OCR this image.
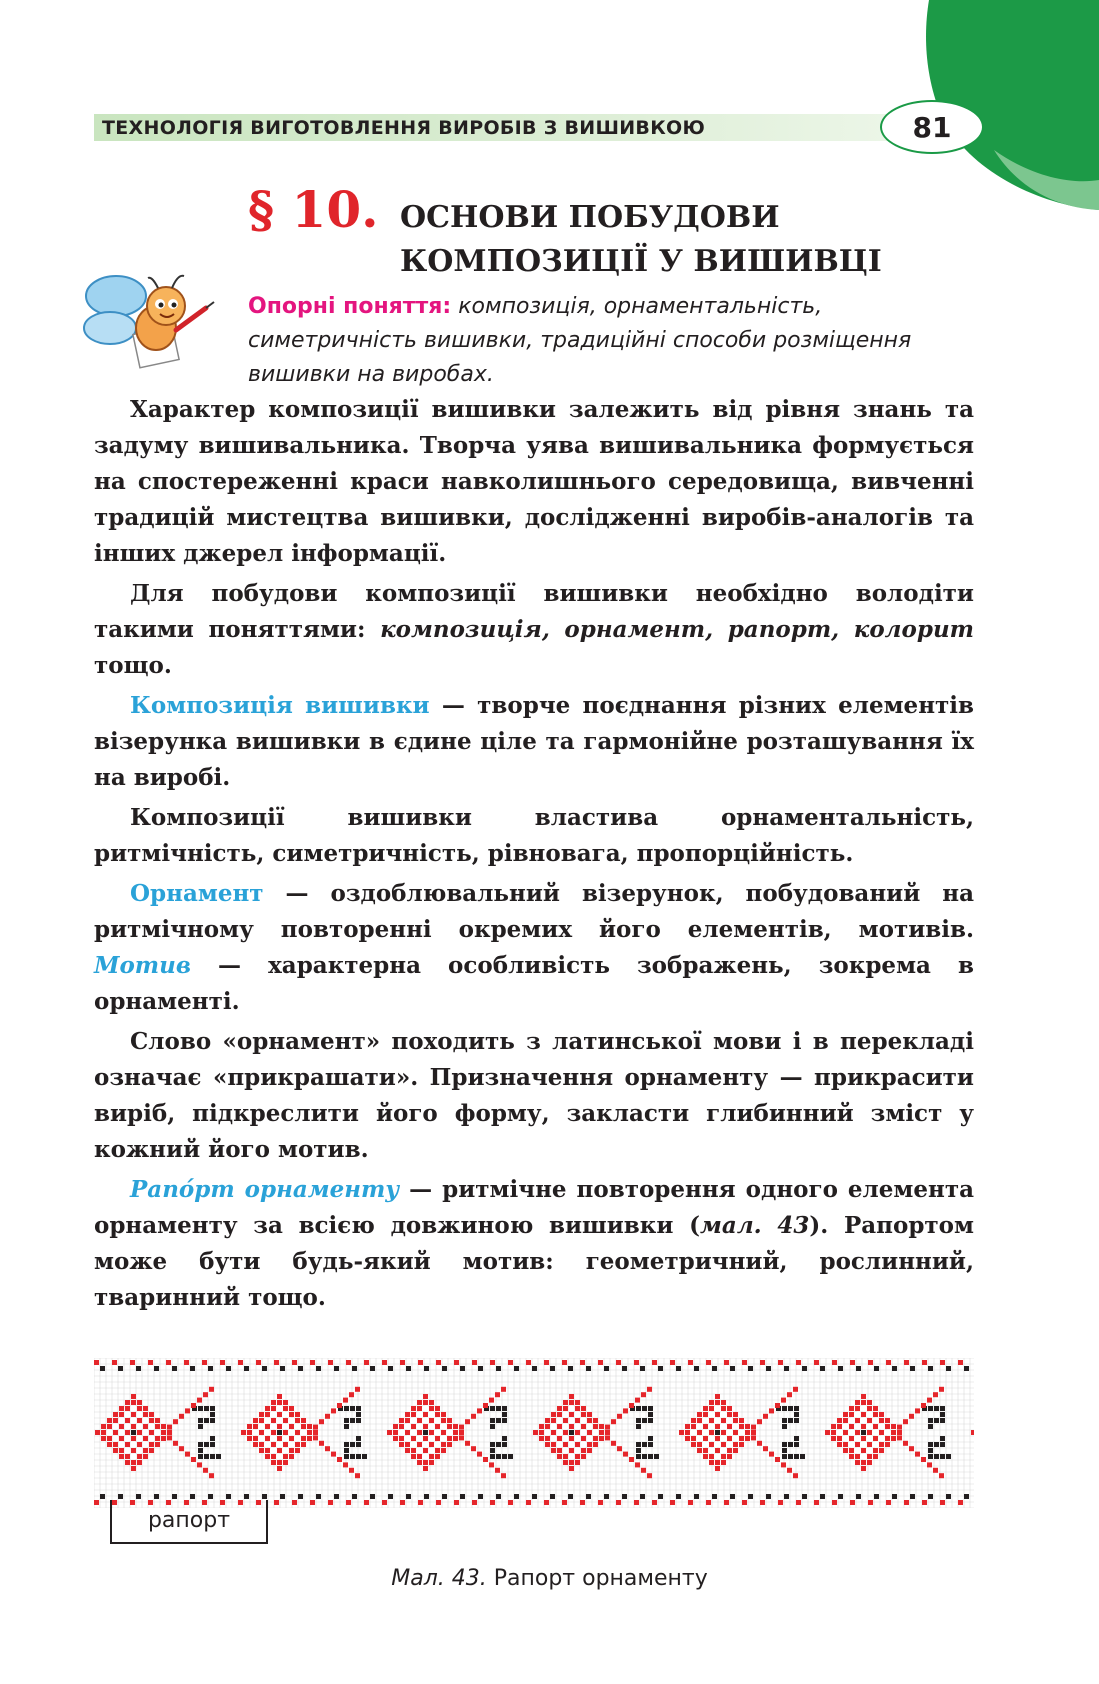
ТЕХНОЛОГІЯ ВИГОТОВЛЕННЯ ВИРОБІВ З ВИШИВКОЮ	81
§ 10. ОСНОВИ ПОБУДОВИ
КОМПОЗИЦІЇ У ВИШИВЦІ
Опорні поняття: композиція, орнаментальність, симетричність вишивки, традиційні способи розміщення вишивки на виробах.

Характер композиції вишивки залежить від рівня знань та задуму вишивальника. Творча уява вишивальника формується на спостереженні краси навколишнього середовища, вивченні традицій мистецтва вишивки, дослідженні виробів-аналогів та інших джерел інформації.

Для побудови композиції вишивки необхідно володіти такими поняттями: композиція, орнамент, рапорт, колорит тощо.

Композиція вишивки — творче поєднання різних елементів візерунка вишивки в єдине ціле та гармонійне розташування їх на виробі.

Композиції вишивки властива орнаментальність, ритмічність, симетричність, рівновага, пропорційність.

Орнамент — оздоблювальний візерунок, побудований на ритмічному повторенні окремих його елементів, мотивів. Мотив — характерна особливість зображень, зокрема в орнаменті.

Слово «орнамент» походить з латинської мови і в перекладі означає «прикрашати». Призначення орнаменту — прикрасити виріб, підкреслити його форму, закласти глибинний зміст у кожний його мотив.

Рапо́рт орнаменту — ритмічне повторення одного елемента орнаменту за всією довжиною вишивки (мал. 43). Рапортом може бути будь-який мотив: геометричний, рослинний, тваринний тощо.

рапорт
Мал. 43. Рапорт орнаменту
